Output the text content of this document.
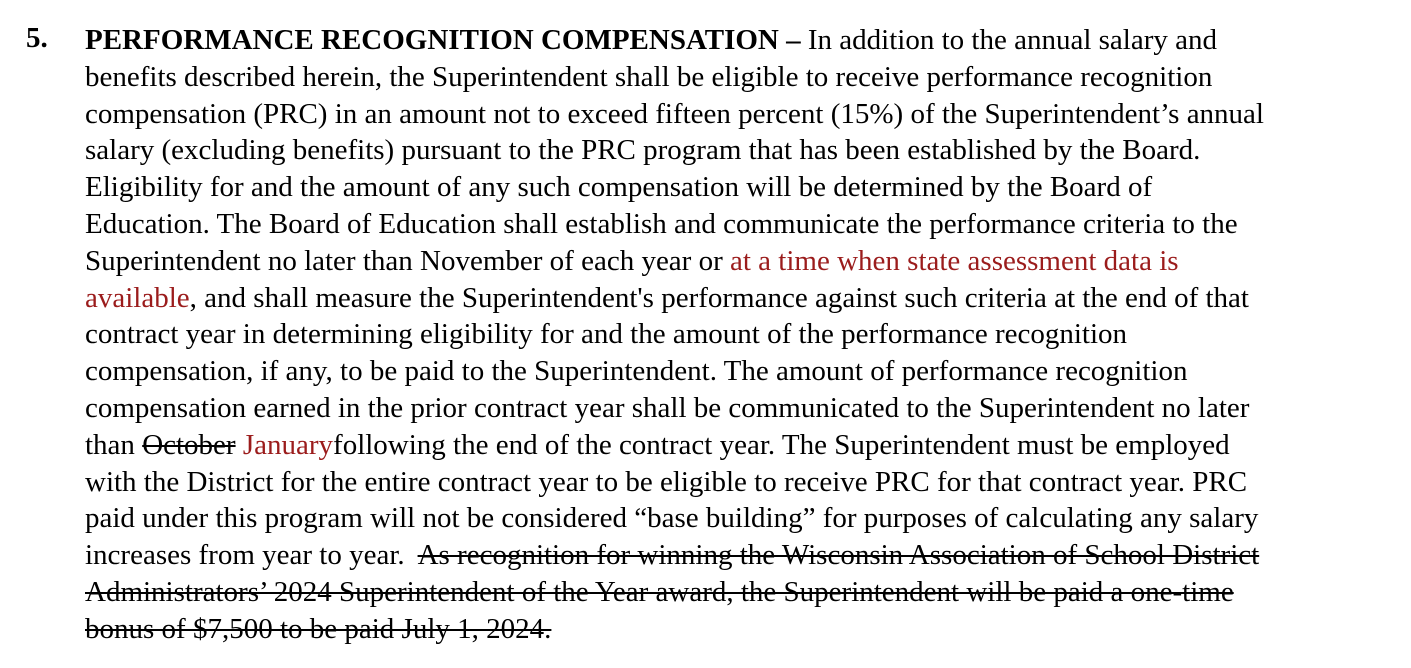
5. PERFORMANCE RECOGNITION COMPENSATION – In addition to the annual salary and
benefits described herein, the Superintendent shall be eligible to receive performance recognition
compensation (PRC) in an amount not to exceed fifteen percent (15%) of the Superintendent’s annual
salary (excluding benefits) pursuant to the PRC program that has been established by the Board.
Eligibility for and the amount of any such compensation will be determined by the Board of
Education. The Board of Education shall establish and communicate the performance criteria to the
Superintendent no later than November of each year or at a time when state assessment data is
available, and shall measure the Superintendent's performance against such criteria at the end of that
contract year in determining eligibility for and the amount of the performance recognition
compensation, if any, to be paid to the Superintendent. The amount of performance recognition
compensation earned in the prior contract year shall be communicated to the Superintendent no later
than October Januaryfollowing the end of the contract year. The Superintendent must be employed
with the District for the entire contract year to be eligible to receive PRC for that contract year. PRC
paid under this program will not be considered “base building” for purposes of calculating any salary
increases from year to year.  As recognition for winning the Wisconsin Association of School District
Administrators’ 2024 Superintendent of the Year award, the Superintendent will be paid a one-time
bonus of $7,500 to be paid July 1, 2024.
